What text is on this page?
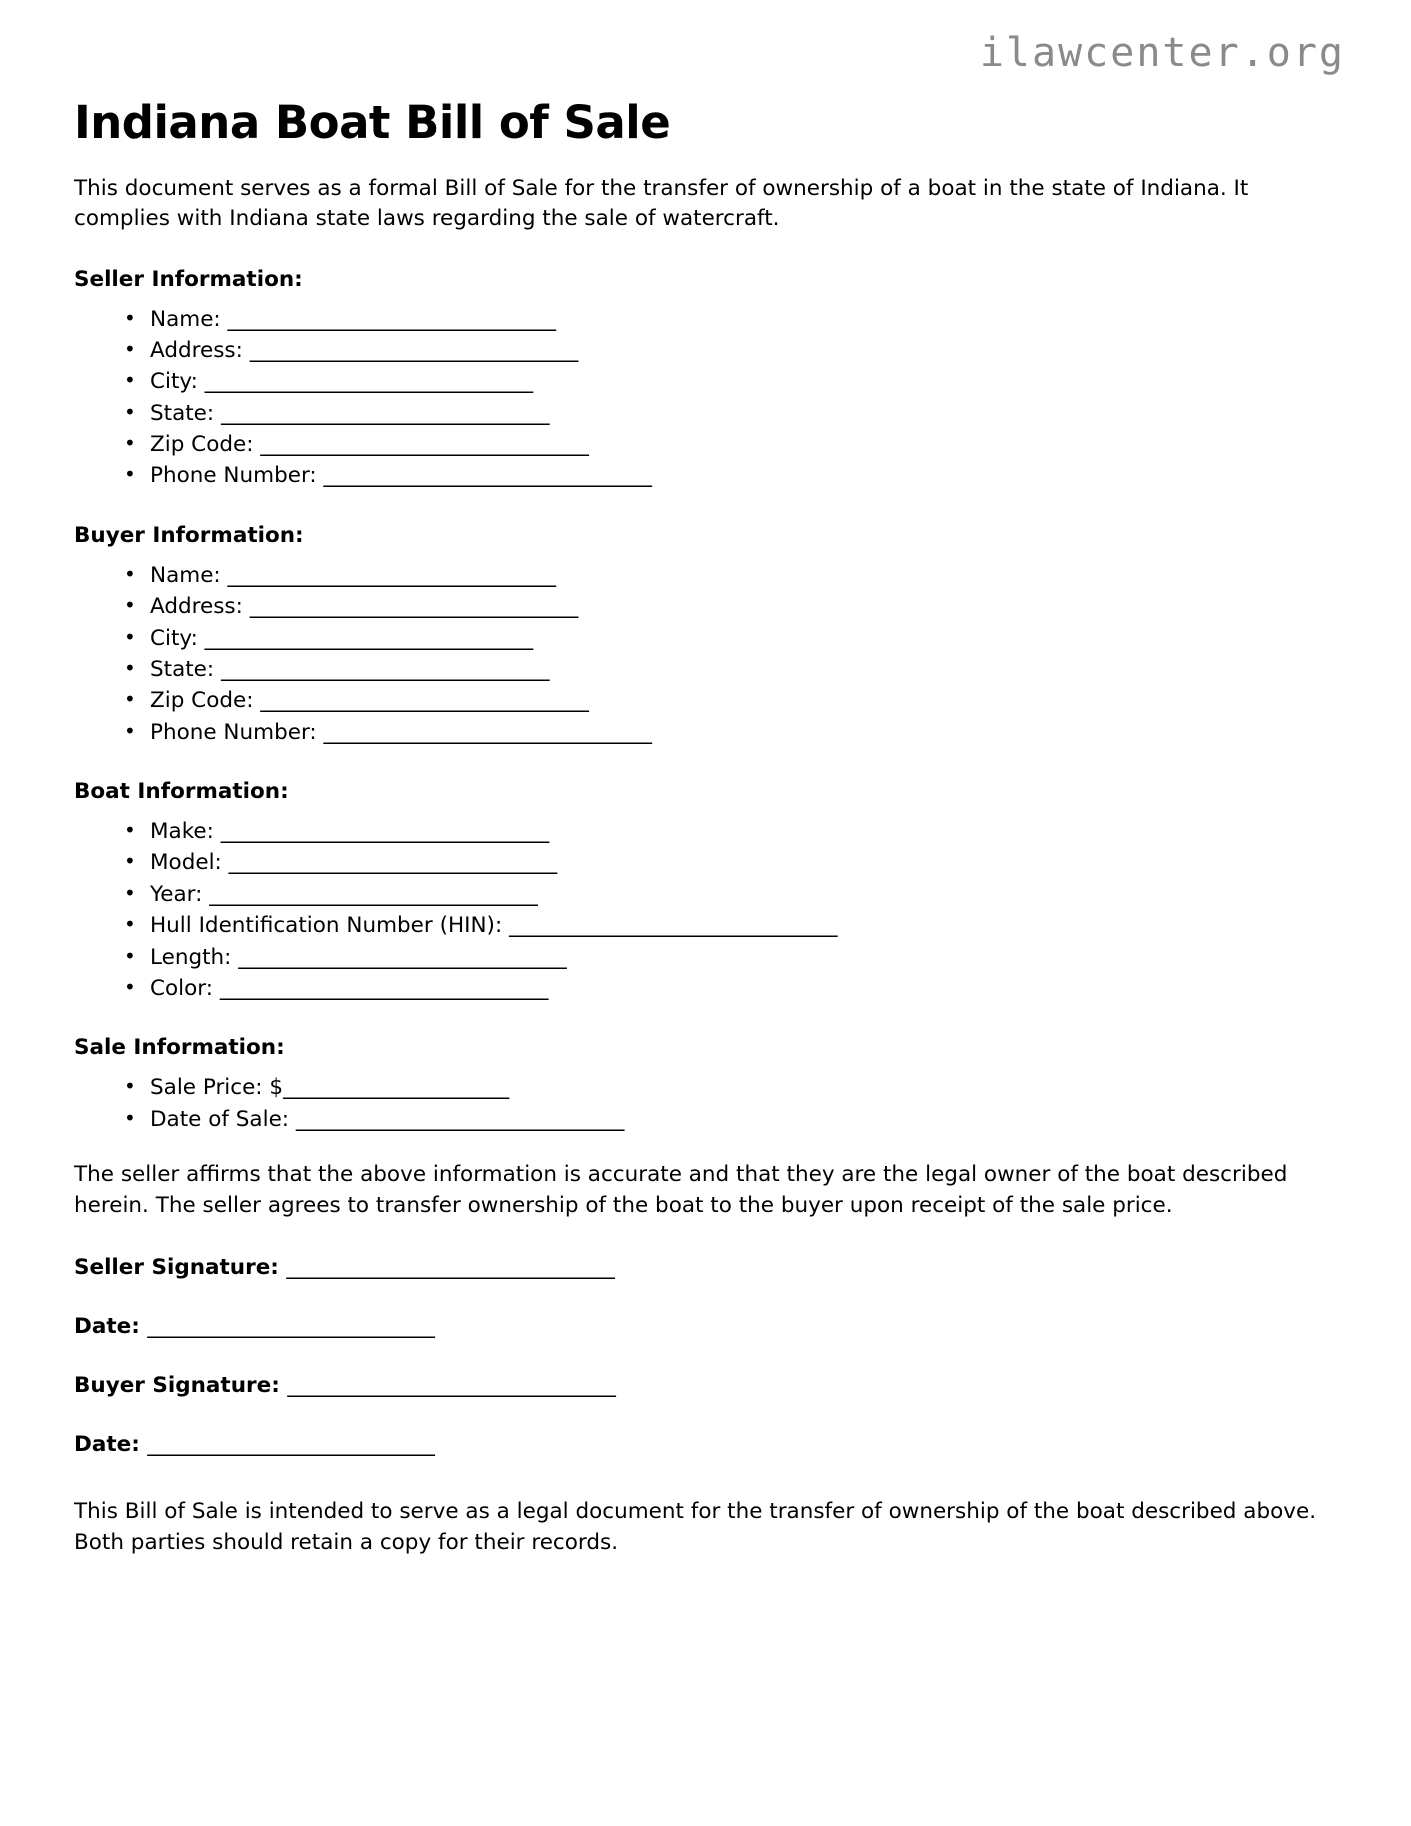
ilawcenter.org
Indiana Boat Bill of Sale

This document serves as a formal Bill of Sale for the transfer of ownership of a boat in the state of Indiana. It complies with Indiana state laws regarding the sale of watercraft.

Seller Information:
• Name: ________________________________
• Address: ________________________________
• City: ________________________________
• State: ________________________________
• Zip Code: ________________________________
• Phone Number: ________________________________
Buyer Information:
• Name: ________________________________
• Address: ________________________________
• City: ________________________________
• State: ________________________________
• Zip Code: ________________________________
• Phone Number: ________________________________
Boat Information:
• Make: ________________________________
• Model: ________________________________
• Year: ________________________________
• Hull Identification Number (HIN): ________________________________
• Length: ________________________________
• Color: ________________________________
Sale Information:
• Sale Price: $______________________
• Date of Sale: ________________________________

The seller affirms that the above information is accurate and that they are the legal owner of the boat described herein. The seller agrees to transfer ownership of the boat to the buyer upon receipt of the sale price.

Seller Signature: ________________________________
Date: ____________________________
Buyer Signature: ________________________________
Date: ____________________________

This Bill of Sale is intended to serve as a legal document for the transfer of ownership of the boat described above. Both parties should retain a copy for their records.
